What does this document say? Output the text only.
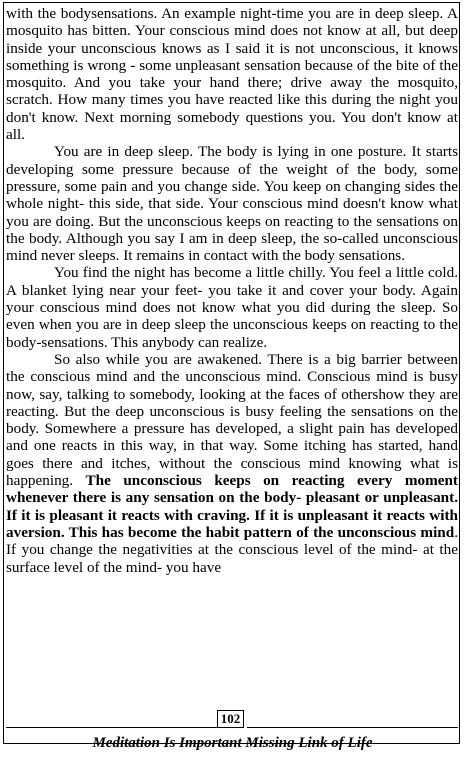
with the bodysensations. An example night-time you are in deep sleep. A mosquito has bitten. Your conscious mind does not know at all, but deep inside your unconscious knows as I said it is not unconscious, it knows something is wrong - some unpleasant sensation because of the bite of the mosquito. And you take your hand there; drive away the mosquito, scratch. How many times you have reacted like this during the night you don't know. Next morning somebody questions you. You don't know at all.

You are in deep sleep. The body is lying in one posture. It starts developing some pressure because of the weight of the body, some pressure, some pain and you change side. You keep on changing sides the whole night- this side, that side. Your conscious mind doesn't know what you are doing. But the unconscious keeps on reacting to the sensations on the body. Although you say I am in deep sleep, the so-called unconscious mind never sleeps. It remains in contact with the body sensations.

You find the night has become a little chilly. You feel a little cold. A blanket lying near your feet- you take it and cover your body. Again your conscious mind does not know what you did during the sleep. So even when you are in deep sleep the unconscious keeps on reacting to the body-sensations. This anybody can realize.

So also while you are awakened. There is a big barrier between the conscious mind and the unconscious mind. Conscious mind is busy now, say, talking to somebody, looking at the faces of othershow they are reacting. But the deep unconscious is busy feeling the sensations on the body. Somewhere a pressure has developed, a slight pain has developed and one reacts in this way, in that way. Some itching has started, hand goes there and itches, without the conscious mind knowing what is happening. The unconscious keeps on reacting every moment whenever there is any sensation on the body- pleasant or unpleasant. If it is pleasant it reacts with craving. If it is unpleasant it reacts with aversion. This has become the habit pattern of the unconscious mind. If you change the negativities at the conscious level of the mind- at the surface level of the mind- you have

102
Meditation Is Important Missing Link of Life
